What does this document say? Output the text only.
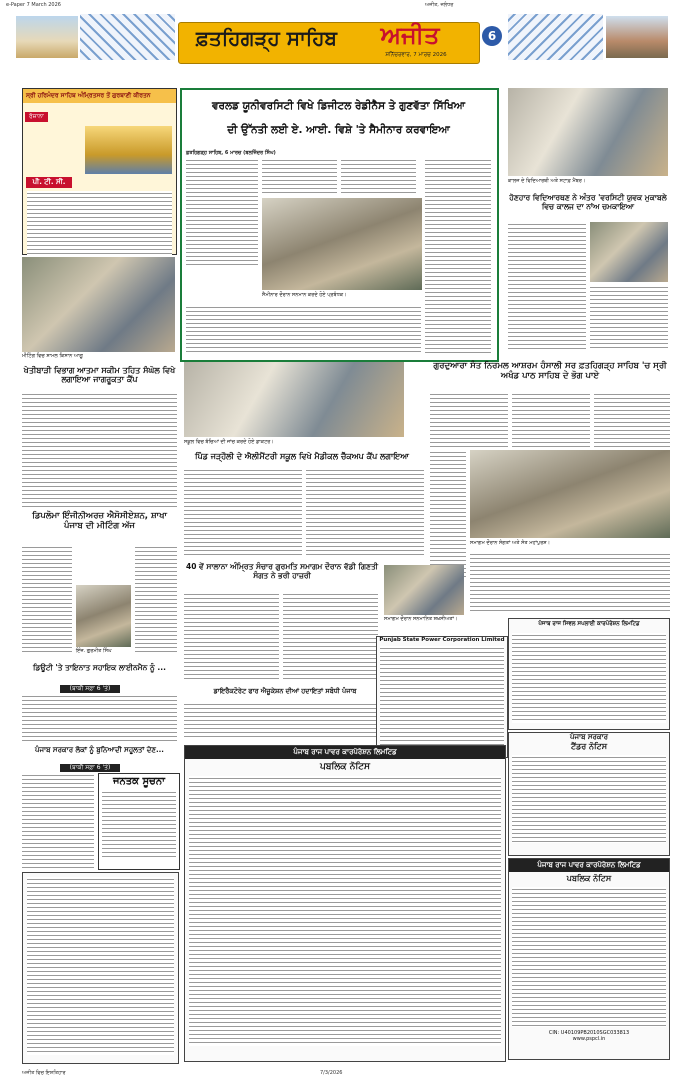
e-Paper 7 March 2026	ਅਜੀਤ, ਜਲੰਧਰ
ਫ਼ਤਹਿਗੜ੍ਹ ਸਾਹਿਬ	ਅਜੀਤ
ਸ਼ਨਿੱਚਰਵਾਰ, 7 ਮਾਰਚ 2026
6
ਸ੍ਰੀ ਹਰਿਮੰਦਰ ਸਾਹਿਬ ਅੰਮ੍ਰਿਤਸਰ ਤੋਂ ਗੁਰਬਾਣੀ ਕੀਰਤਨ
ਰੋਜ਼ਾਨਾ
ਪੀ. ਟੀ. ਸੀ.
ਮੀਟਿੰਗ ਵਿਚ ਸ਼ਾਮਲ ਕਿਸਾਨ ਆਗੂ
ਵਰਲਡ ਯੂਨੀਵਰਸਿਟੀ ਵਿਖੇ ਡਿਜੀਟਲ ਰੇਡੀਨੈਸ ਤੇ ਗੁਣਵੱਤਾ ਸਿੱਖਿਆ
ਦੀ ਉੱਨਤੀ ਲਈ ਏ. ਆਈ. ਵਿਸ਼ੇ 'ਤੇ ਸੈਮੀਨਾਰ ਕਰਵਾਇਆ
ਫ਼ਤਹਿਗੜ੍ਹ ਸਾਹਿਬ, 6 ਮਾਰਚ (ਬਲਜਿੰਦਰ ਸਿੰਘ)
ਸੈਮੀਨਾਰ ਦੌਰਾਨ ਸਨਮਾਨ ਕਰਦੇ ਹੋਏ ਪ੍ਰਬੰਧਕ।
ਕਾਲਜ ਦੇ ਵਿਦਿਆਰਥੀ ਅਤੇ ਸਟਾਫ਼ ਮੈਂਬਰ।
ਹੋਣਹਾਰ ਵਿਦਿਆਰਥਣ ਨੇ ਅੰਤਰ 'ਵਰਸਿਟੀ ਯੁਵਕ ਮੁਕਾਬਲੇ ਵਿਚ ਕਾਲਜ ਦਾ ਨਾਂਅ ਚਮਕਾਇਆ
ਖੇਤੀਬਾੜੀ ਵਿਭਾਗ ਆਤਮਾ ਸਕੀਮ ਤਹਿਤ ਸੰਘੋਲ ਵਿਖੇ ਲਗਾਇਆ ਜਾਗਰੂਕਤਾ ਕੈਂਪ
ਡਿਪਲੋਮਾ ਇੰਜੀਨੀਅਰਜ਼ ਐਸੋਸੀਏਸ਼ਨ, ਸ਼ਾਖਾ ਪੰਜਾਬ ਦੀ ਮੀਟਿੰਗ ਅੱਜ
ਇੰਜ. ਗੁਰਮੀਤ ਸਿੰਘ
ਡਿਊਟੀ 'ਤੇ ਤਾਇਨਾਤ ਸਹਾਇਕ ਲਾਈਨਮੈਨ ਨੂੰ ...
(ਬਾਕੀ ਸਫ਼ਾ 6 'ਤੇ)
ਪੰਜਾਬ ਸਰਕਾਰ ਲੋਕਾਂ ਨੂੰ ਬੁਨਿਆਦੀ ਸਹੂਲਤਾਂ ਦੇਣ...
(ਬਾਕੀ ਸਫ਼ਾ 6 'ਤੇ)
ਜਨਤਕ ਸੂਚਨਾ
ਸਕੂਲ ਵਿਚ ਬੱਚਿਆਂ ਦੀ ਜਾਂਚ ਕਰਦੇ ਹੋਏ ਡਾਕਟਰ।
ਪਿੰਡ ਜੜ੍ਹੌਲੀ ਦੇ ਐਲੀਮੈਂਟਰੀ ਸਕੂਲ ਵਿਖੇ ਮੈਡੀਕਲ ਚੈੱਕਅਪ ਕੈਂਪ ਲਗਾਇਆ
ਗੁਰਦੁਆਰਾ ਸੰਤ ਨਿਰਮਲ ਆਸ਼ਰਮ ਹੰਸਾਲੀ ਸਰ ਫ਼ਤਹਿਗੜ੍ਹ ਸਾਹਿਬ 'ਚ ਸ੍ਰੀ ਅਖੰਡ ਪਾਠ ਸਾਹਿਬ ਦੇ ਭੋਗ ਪਾਏ
ਸਮਾਗਮ ਦੌਰਾਨ ਸੰਗਤਾਂ ਅਤੇ ਸੰਤ ਮਹਾਂਪੁਰਸ਼।
40 ਵੇਂ ਸਾਲਾਨਾ ਅੰਮ੍ਰਿਤ ਸੰਚਾਰ ਗੁਰਮਤਿ ਸਮਾਗਮ ਦੌਰਾਨ ਵੱਡੀ ਗਿਣਤੀ ਸੰਗਤ ਨੇ ਭਰੀ ਹਾਜ਼ਰੀ
ਸਮਾਗਮ ਦੌਰਾਨ ਸਨਮਾਨਿਤ ਸ਼ਖ਼ਸੀਅਤਾਂ।
ਡਾਇਰੈਕਟੋਰੇਟ ਫਾਰ ਐਜੂਕੇਸ਼ਨ ਦੀਆਂ ਹਦਾਇਤਾਂ ਸਬੰਧੀ ਪੰਜਾਬ
Punjab State Power Corporation Limited
ਪੰਜਾਬ ਰਾਜ ਪਾਵਰ ਕਾਰਪੋਰੇਸ਼ਨ ਲਿਮਟਿਡ
ਪਬਲਿਕ ਨੋਟਿਸ
ਪੰਜਾਬ ਰਾਜ ਸਿਵਲ ਸਪਲਾਈ ਕਾਰਪੋਰੇਸ਼ਨ ਲਿਮਟਿਡ
ਪੰਜਾਬ ਸਰਕਾਰ
ਟੈਂਡਰ ਨੋਟਿਸ
ਪੰਜਾਬ ਰਾਜ ਪਾਵਰ ਕਾਰਪੋਰੇਸ਼ਨ ਲਿਮਟਿਡ
ਪਬਲਿਕ ਨੋਟਿਸ
CIN: U40109PB2010SGC033813
www.pspcl.in
ਅਜੀਤ ਵਿਚ ਇਸ਼ਤਿਹਾਰ	7/3/2026
